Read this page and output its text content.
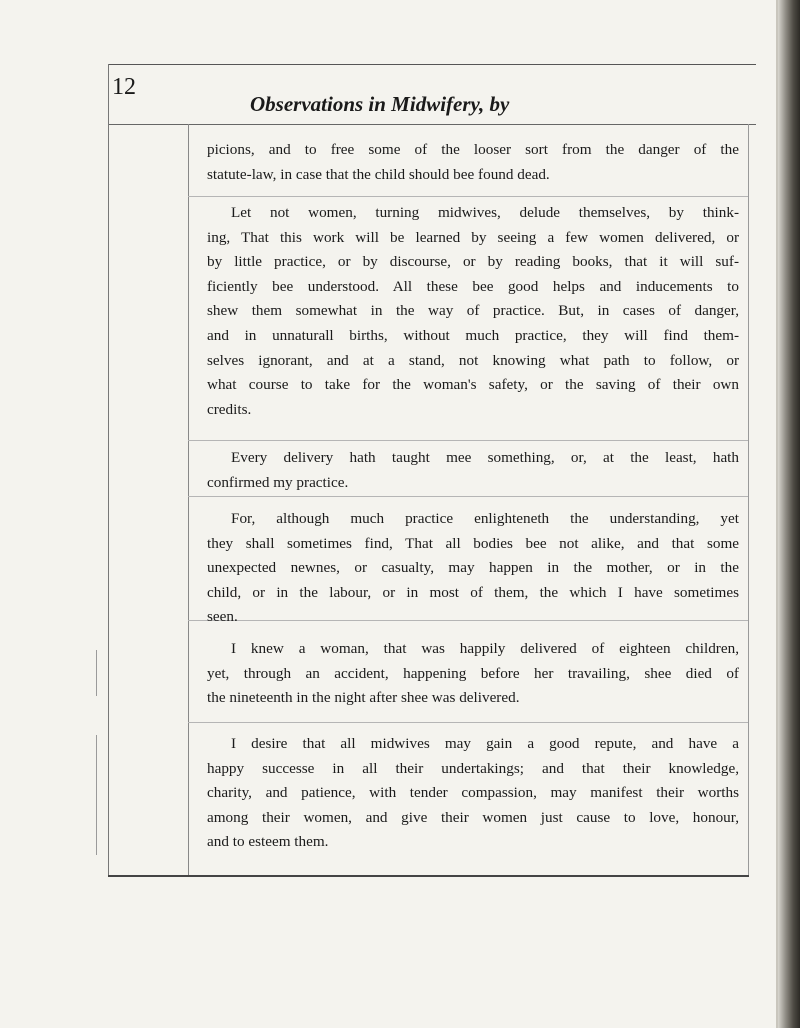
12
Observations in Midwifery, by
picions, and to free some of the looser sort from the danger of the
statute-law, in case that the child should bee found dead.
Let not women, turning midwives, delude themselves, by think-
ing, That this work will be learned by seeing a few women delivered, or
by little practice, or by discourse, or by reading books, that it will suf-
ficiently bee understood. All these bee good helps and inducements to
shew them somewhat in the way of practice. But, in cases of danger,
and in unnaturall births, without much practice, they will find them-
selves ignorant, and at a stand, not knowing what path to follow, or
what course to take for the woman's safety, or the saving of their own
credits.
Every delivery hath taught mee something, or, at the least, hath
confirmed my practice.
For, although much practice enlighteneth the understanding, yet
they shall sometimes find, That all bodies bee not alike, and that some
unexpected newnes, or casualty, may happen in the mother, or in the
child, or in the labour, or in most of them, the which I have sometimes
seen.
I knew a woman, that was happily delivered of eighteen children,
yet, through an accident, happening before her travailing, shee died of
the nineteenth in the night after shee was delivered.
I desire that all midwives may gain a good repute, and have a
happy successe in all their undertakings; and that their knowledge,
charity, and patience, with tender compassion, may manifest their worths
among their women, and give their women just cause to love, honour,
and to esteem them.
